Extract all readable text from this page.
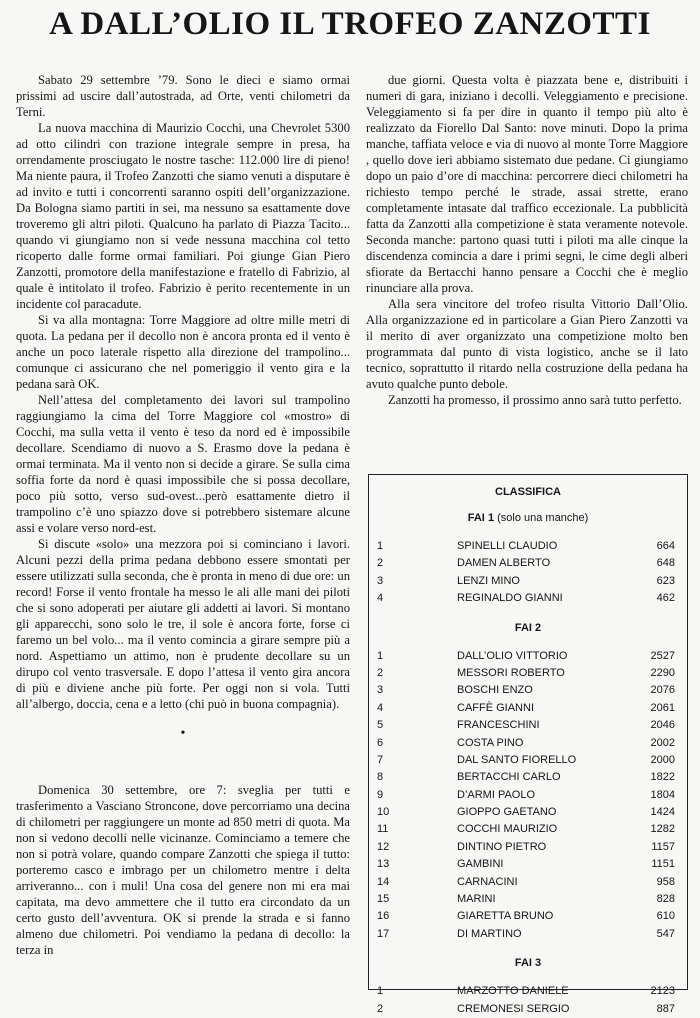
A DALL’OLIO IL TROFEO ZANZOTTI

Sabato 29 settembre ’79. Sono le dieci e siamo ormai prissimi ad uscire dall’autostrada, ad Orte, venti chilometri da Terni.

La nuova macchina di Maurizio Cocchi, una Chevrolet 5300 ad otto cilindri con trazione integrale sempre in presa, ha orrendamente prosciugato le nostre tasche: 112.000 lire di pieno! Ma niente paura, il Trofeo Zanzotti che siamo venuti a disputare è ad invito e tutti i concorrenti saranno ospiti dell’organizzazione. Da Bologna siamo partiti in sei, ma nessuno sa esattamente dove troveremo gli altri piloti. Qualcuno ha parlato di Piazza Tacito... quando vi giungiamo non si vede nessuna macchina col tetto ricoperto dalle forme ormai familiari. Poi giunge Gian Piero Zanzotti, promotore della manifestazione e fratello di Fabrizio, al quale è intitolato il trofeo. Fabrizio è perito recentemente in un incidente col paracadute.

Si va alla montagna: Torre Maggiore ad oltre mille metri di quota. La pedana per il decollo non è ancora pronta ed il vento è anche un poco laterale rispetto alla direzione del trampolino... comunque ci assicurano che nel pomeriggio il vento gira e la pedana sarà OK.

Nell’attesa del completamento dei lavori sul trampolino raggiungiamo la cima del Torre Maggiore col «mostro» di Cocchi, ma sulla vetta il vento è teso da nord ed è impossibile decollare. Scendiamo di nuovo a S. Erasmo dove la pedana è ormai terminata. Ma il vento non si decide a girare. Se sulla cima soffia forte da nord è quasi impossibile che si possa decollare, poco più sotto, verso sud-ovest...però esattamente dietro il trampolino c’è uno spiazzo dove si potrebbero sistemare alcune assi e volare verso nord-est.

Si discute «solo» una mezzora poi si cominciano i lavori. Alcuni pezzi della prima pedana debbono essere smontati per essere utilizzati sulla seconda, che è pronta in meno di due ore: un record! Forse il vento frontale ha messo le ali alle mani dei piloti che si sono adoperati per aiutare gli addetti ai lavori. Si montano gli apparecchi, sono solo le tre, il sole è ancora forte, forse ci faremo un bel volo... ma il vento comincia a girare sempre più a nord. Aspettiamo un attimo, non è prudente decollare su un dirupo col vento trasversale. E dopo l’attesa il vento gira ancora di più e diviene anche più forte. Per oggi non si vola. Tutti all’albergo, doccia, cena e a letto (chi può in buona compagnia).

•

Domenica 30 settembre, ore 7: sveglia per tutti e trasferimento a Vasciano Stroncone, dove percorriamo una decina di chilometri per raggiungere un monte ad 850 metri di quota. Ma non si vedono decolli nelle vicinanze. Cominciamo a temere che non si potrà volare, quando compare Zanzotti che spiega il tutto: porteremo casco e imbrago per un chilometro mentre i delta arriveranno... con i muli! Una cosa del genere non mi era mai capitata, ma devo ammettere che il tutto era circondato da un certo gusto dell’avventura. OK si prende la strada e si fanno almeno due chilometri. Poi vendiamo la pedana di decollo: la terza in

due giorni. Questa volta è piazzata bene e, distribuiti i numeri di gara, iniziano i decolli. Veleggiamento e precisione. Veleggiamento si fa per dire in quanto il tempo più alto è realizzato da Fiorello Dal Santo: nove minuti. Dopo la prima manche, taffiata veloce e via di nuovo al monte Torre Maggiore , quello dove ieri abbiamo sistemato due pedane. Ci giungiamo dopo un paio d’ore di macchina: percorrere dieci chilometri ha richiesto tempo perché le strade, assai strette, erano completamente intasate dal traffico eccezionale. La pubblicità fatta da Zanzotti alla competizione è stata veramente notevole. Seconda manche: partono quasi tutti i piloti ma alle cinque la discendenza comincia a dare i primi segni, le cime degli alberi sfiorate da Bertacchi hanno pensare a Cocchi che è meglio rinunciare alla prova.

Alla sera vincitore del trofeo risulta Vittorio Dall’Olio. Alla organizzazione ed in particolare a Gian Piero Zanzotti va il merito di aver organizzato una competizione molto ben programmata dal punto di vista logistico, anche se il lato tecnico, soprattutto il ritardo nella costruzione della pedana ha avuto qualche punto debole.

Zanzotti ha promesso, il prossimo anno sarà tutto perfetto.

CLASSIFICA
FAI 1 (solo una manche)
1	SPINELLI CLAUDIO	664
2	DAMEN ALBERTO	648
3	LENZI MINO	623
4	REGINALDO GIANNI	462
FAI 2
1	DALL’OLIO VITTORIO	2527
2	MESSORI ROBERTO	2290
3	BOSCHI ENZO	2076
4	CAFFÈ GIANNI	2061
5	FRANCESCHINI	2046
6	COSTA PINO	2002
7	DAL SANTO FIORELLO	2000
8	BERTACCHI CARLO	1822
9	D’ARMI PAOLO	1804
10	GIOPPO GAETANO	1424
11	COCCHI MAURIZIO	1282
12	DINTINO PIETRO	1157
13	GAMBINI	1151
14	CARNACINI	958
15	MARINI	828
16	GIARETTA BRUNO	610
17	DI MARTINO	547
FAI 3
1	MARZOTTO DANIELE	2123
2	CREMONESI SERGIO	887
